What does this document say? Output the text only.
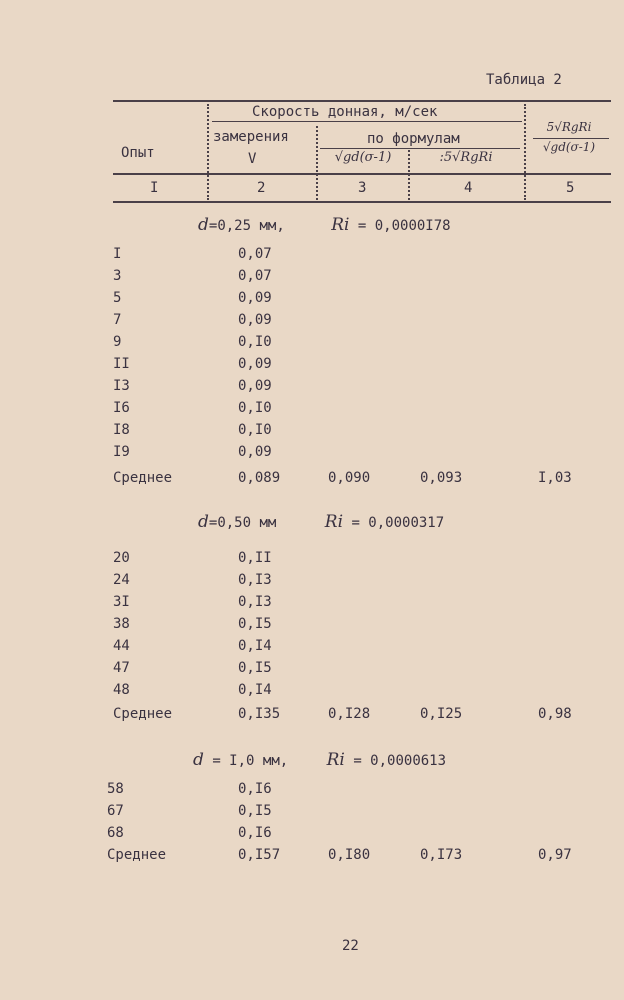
Таблица 2
Скорость донная, м/сек
Опыт
замерения
V
по формулам
√gd(σ-1)	:5√RgRi
5√RgRi
√gd(σ-1)
I	2	3	4	5
d=0,25 мм,	Ri = 0,0000I78
I	0,07
3	0,07
5	0,09
7	0,09
9	0,I0
II	0,09
I3	0,09
I6	0,I0
I8	0,I0
I9	0,09
Среднее	0,089	0,090	0,093	I,03
d=0,50 мм	Ri = 0,0000317
20	0,II
24	0,I3
3I	0,I3
38	0,I5
44	0,I4
47	0,I5
48	0,I4
Среднее	0,I35	0,I28	0,I25	0,98
d = I,0 мм, Ri = 0,0000613
58	0,I6
67	0,I5
68	0,I6
Среднее	0,I57	0,I80	0,I73	0,97
22
